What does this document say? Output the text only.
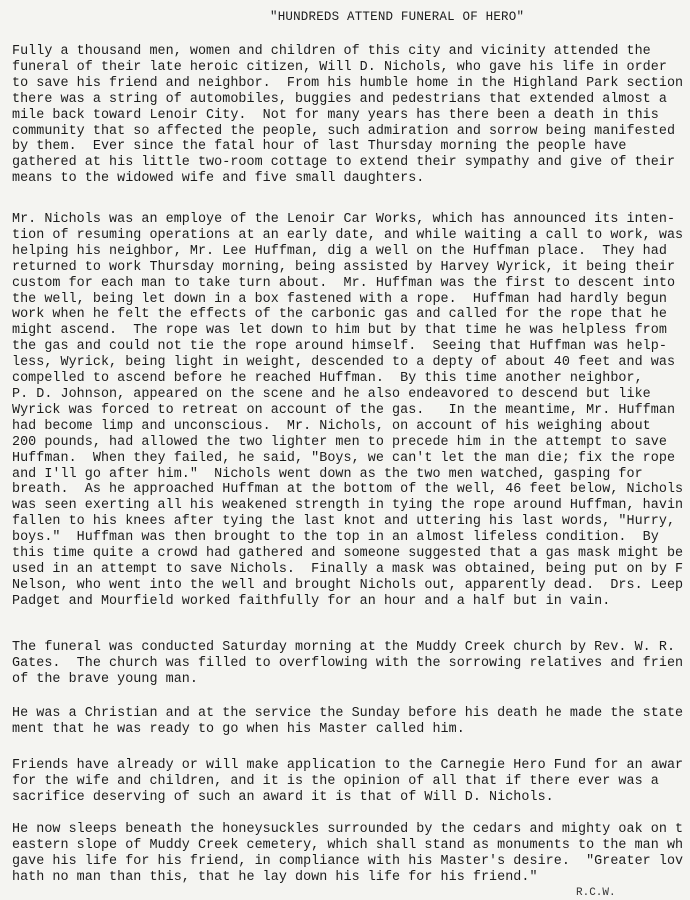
"HUNDREDS ATTEND FUNERAL OF HERO"
Fully a thousand men, women and children of this city and vicinity attended the
funeral of their late heroic citizen, Will D. Nichols, who gave his life in order
to save his friend and neighbor.  From his humble home in the Highland Park section
there was a string of automobiles, buggies and pedestrians that extended almost a
mile back toward Lenoir City.  Not for many years has there been a death in this
community that so affected the people, such admiration and sorrow being manifested
by them.  Ever since the fatal hour of last Thursday morning the people have
gathered at his little two-room cottage to extend their sympathy and give of their
means to the widowed wife and five small daughters.
Mr. Nichols was an employe of the Lenoir Car Works, which has announced its inten-
tion of resuming operations at an early date, and while waiting a call to work, was
helping his neighbor, Mr. Lee Huffman, dig a well on the Huffman place.  They had
returned to work Thursday morning, being assisted by Harvey Wyrick, it being their
custom for each man to take turn about.  Mr. Huffman was the first to descent into
the well, being let down in a box fastened with a rope.  Huffman had hardly begun
work when he felt the effects of the carbonic gas and called for the rope that he
might ascend.  The rope was let down to him but by that time he was helpless from
the gas and could not tie the rope around himself.  Seeing that Huffman was help-
less, Wyrick, being light in weight, descended to a depty of about 40 feet and was
compelled to ascend before he reached Huffman.  By this time another neighbor,
P. D. Johnson, appeared on the scene and he also endeavored to descend but like
Wyrick was forced to retreat on account of the gas.   In the meantime, Mr. Huffman
had become limp and unconscious.  Mr. Nichols, on account of his weighing about
200 pounds, had allowed the two lighter men to precede him in the attempt to save
Huffman.  When they failed, he said, "Boys, we can't let the man die; fix the rope
and I'll go after him."  Nichols went down as the two men watched, gasping for
breath.  As he approached Huffman at the bottom of the well, 46 feet below, Nichols
was seen exerting all his weakened strength in tying the rope around Huffman, havin
fallen to his knees after tying the last knot and uttering his last words, "Hurry,
boys."  Huffman was then brought to the top in an almost lifeless condition.  By
this time quite a crowd had gathered and someone suggested that a gas mask might be
used in an attempt to save Nichols.  Finally a mask was obtained, being put on by F
Nelson, who went into the well and brought Nichols out, apparently dead.  Drs. Leep
Padget and Mourfield worked faithfully for an hour and a half but in vain.
The funeral was conducted Saturday morning at the Muddy Creek church by Rev. W. R.
Gates.  The church was filled to overflowing with the sorrowing relatives and frien
of the brave young man.
He was a Christian and at the service the Sunday before his death he made the state
ment that he was ready to go when his Master called him.
Friends have already or will make application to the Carnegie Hero Fund for an awar
for the wife and children, and it is the opinion of all that if there ever was a
sacrifice deserving of such an award it is that of Will D. Nichols.
He now sleeps beneath the honeysuckles surrounded by the cedars and mighty oak on t
eastern slope of Muddy Creek cemetery, which shall stand as monuments to the man wh
gave his life for his friend, in compliance with his Master's desire.  "Greater lov
hath no man than this, that he lay down his life for his friend."
R.C.W.
